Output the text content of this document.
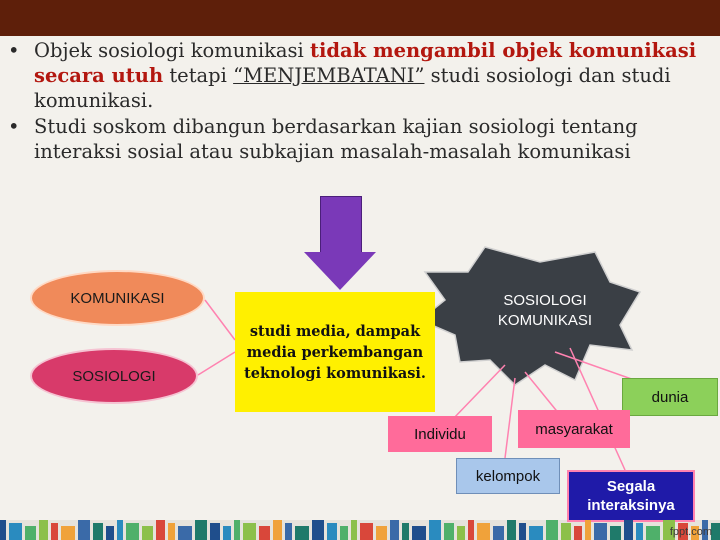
• Objek sosiologi komunikasi tidak mengambil objek komunikasi secara utuh tetapi “MENJEMBATANI” studi sosiologi dan studi komunikasi.
• Studi soskom dibangun berdasarkan kajian sosiologi tentang interaksi sosial atau subkajian masalah-masalah komunikasi
KOMUNIKASI
SOSIOLOGI
studi media, dampak media perkembangan teknologi komunikasi.
SOSIOLOGI KOMUNIKASI
dunia
Individu	masyarakat
kelompok
Segala interaksinya
fppt.com
